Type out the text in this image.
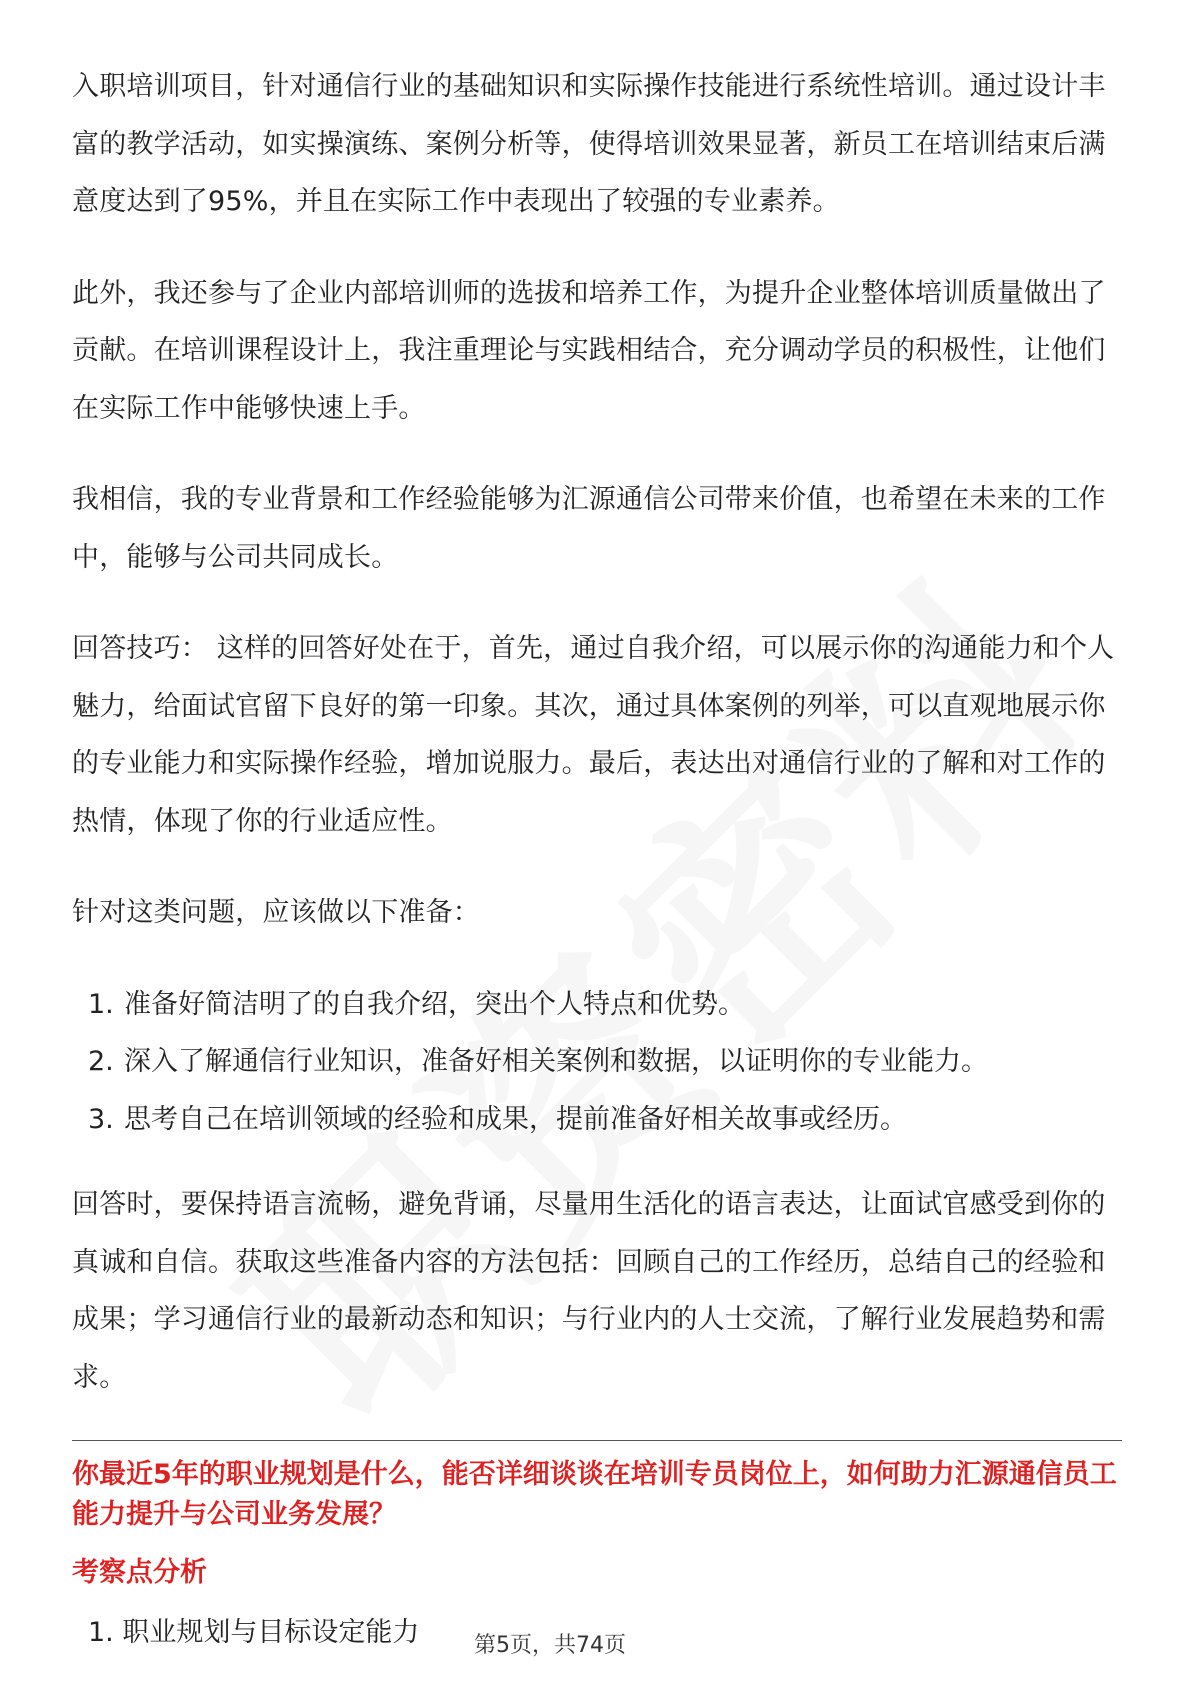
入职培训项目，针对通信行业的基础知识和实际操作技能进行系统性培训。通过设计丰富的教学活动，如实操演练、案例分析等，使得培训效果显著，新员工在培训结束后满意度达到了95%，并且在实际工作中表现出了较强的专业素养。

此外，我还参与了企业内部培训师的选拔和培养工作，为提升企业整体培训质量做出了贡献。在培训课程设计上，我注重理论与实践相结合，充分调动学员的积极性，让他们在实际工作中能够快速上手。

我相信，我的专业背景和工作经验能够为汇源通信公司带来价值，也希望在未来的工作中，能够与公司共同成长。

回答技巧： 这样的回答好处在于，首先，通过自我介绍，可以展示你的沟通能力和个人魅力，给面试官留下良好的第一印象。其次，通过具体案例的列举，可以直观地展示你的专业能力和实际操作经验，增加说服力。最后，表达出对通信行业的了解和对工作的热情，体现了你的行业适应性。

针对这类问题，应该做以下准备：

1. 准备好简洁明了的自我介绍，突出个人特点和优势。
2. 深入了解通信行业知识，准备好相关案例和数据，以证明你的专业能力。
3. 思考自己在培训领域的经验和成果，提前准备好相关故事或经历。

回答时，要保持语言流畅，避免背诵，尽量用生活化的语言表达，让面试官感受到你的真诚和自信。获取这些准备内容的方法包括：回顾自己的工作经历，总结自己的经验和成果；学习通信行业的最新动态和知识；与行业内的人士交流，了解行业发展趋势和需求。

你最近5年的职业规划是什么，能否详细谈谈在培训专员岗位上，如何助力汇源通信员工能力提升与公司业务发展？

考察点分析

1. 职业规划与目标设定能力	第5页，共74页
